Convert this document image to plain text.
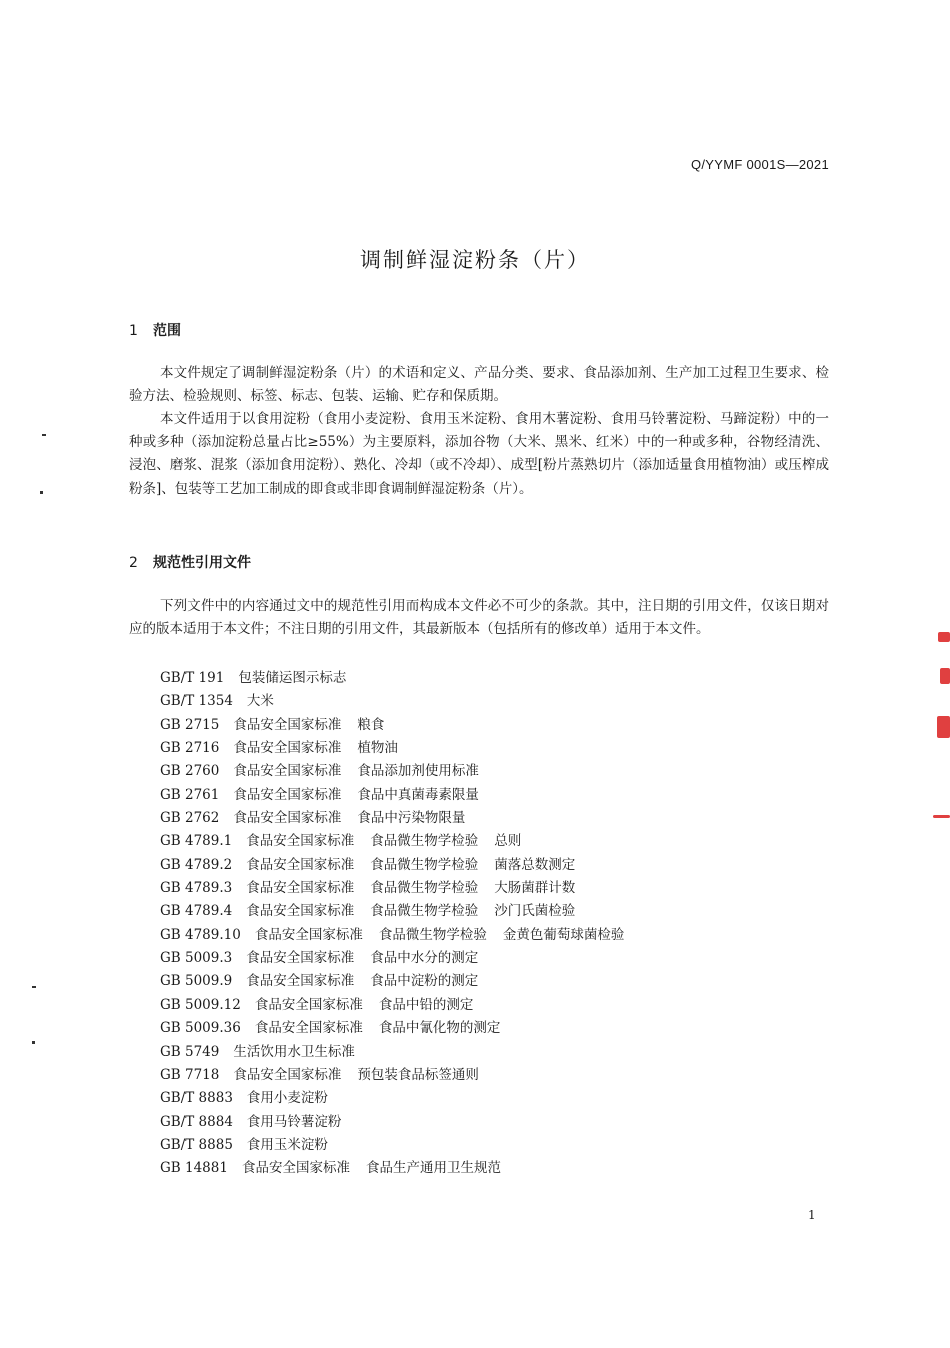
Q/YYMF 0001S—2021
调制鲜湿淀粉条（片）
1 范围

本文件规定了调制鲜湿淀粉条（片）的术语和定义、产品分类、要求、食品添加剂、生产加工过程卫生要求、检验方法、检验规则、标签、标志、包装、运输、贮存和保质期。

本文件适用于以食用淀粉（食用小麦淀粉、食用玉米淀粉、食用木薯淀粉、食用马铃薯淀粉、马蹄淀粉）中的一种或多种（添加淀粉总量占比≥55%）为主要原料，添加谷物（大米、黑米、红米）中的一种或多种，谷物经清洗、浸泡、磨浆、混浆（添加食用淀粉）、熟化、冷却（或不冷却）、成型[粉片蒸熟切片（添加适量食用植物油）或压榨成粉条]、包装等工艺加工制成的即食或非即食调制鲜湿淀粉条（片）。

2 规范性引用文件

下列文件中的内容通过文中的规范性引用而构成本文件必不可少的条款。其中，注日期的引用文件，仅该日期对应的版本适用于本文件；不注日期的引用文件，其最新版本（包括所有的修改单）适用于本文件。

GB/T 191 包装储运图示标志
GB/T 1354 大米
GB 2715 食品安全国家标准 粮食
GB 2716 食品安全国家标准 植物油
GB 2760 食品安全国家标准 食品添加剂使用标准
GB 2761 食品安全国家标准 食品中真菌毒素限量
GB 2762 食品安全国家标准 食品中污染物限量
GB 4789.1 食品安全国家标准 食品微生物学检验 总则
GB 4789.2 食品安全国家标准 食品微生物学检验 菌落总数测定
GB 4789.3 食品安全国家标准 食品微生物学检验 大肠菌群计数
GB 4789.4 食品安全国家标准 食品微生物学检验 沙门氏菌检验
GB 4789.10 食品安全国家标准 食品微生物学检验 金黄色葡萄球菌检验
GB 5009.3 食品安全国家标准 食品中水分的测定
GB 5009.9 食品安全国家标准 食品中淀粉的测定
GB 5009.12 食品安全国家标准 食品中铅的测定
GB 5009.36 食品安全国家标准 食品中氰化物的测定
GB 5749 生活饮用水卫生标准
GB 7718 食品安全国家标准 预包装食品标签通则
GB/T 8883 食用小麦淀粉
GB/T 8884 食用马铃薯淀粉
GB/T 8885 食用玉米淀粉
GB 14881 食品安全国家标准 食品生产通用卫生规范
1
